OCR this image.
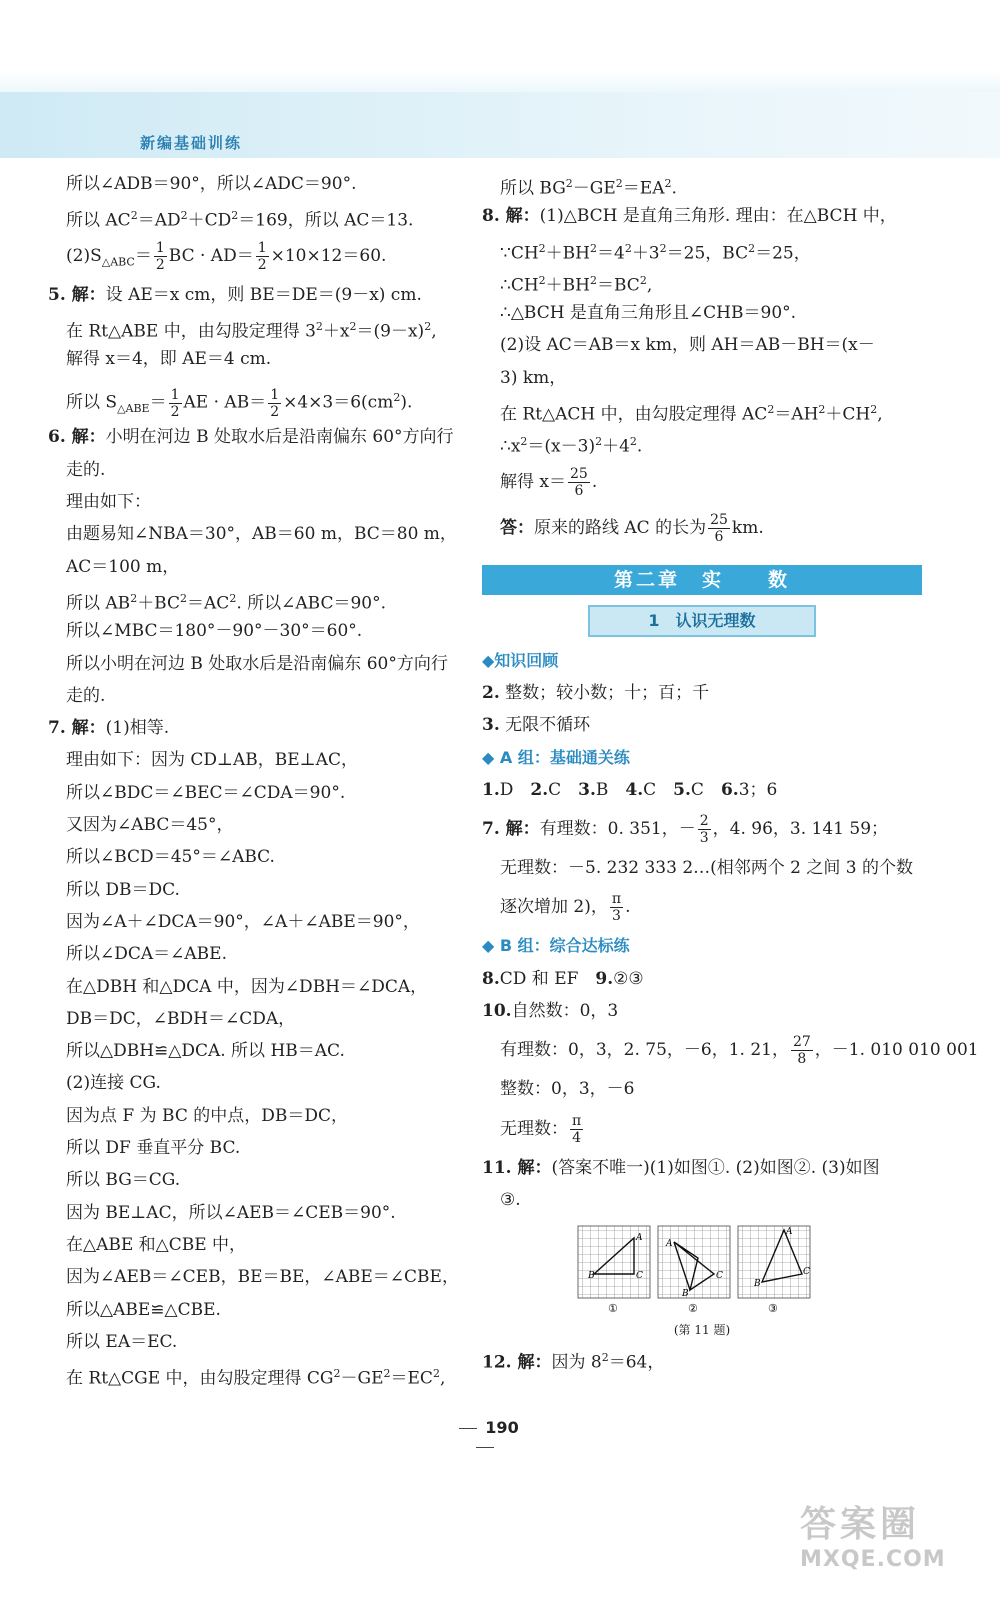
新编基础训练
所以∠ADB＝90°，所以∠ADC＝90°.
所以 $AC^2=AD^2+CD^2=169$，所以 AC＝13.
$(2)S_{\triangle ABC}= \frac{1}{2}$ BC · $AD= \frac{1}{2} \times 10\times 12=60$.
5. 解：设 AE＝x cm，则 BE＝DE＝(9－x) cm.
在 Rt△ABE 中，由勾股定理得 $3^2+x^2=(9-x)^2$,
解得 x＝4，即 AE＝4 cm.
所以 $S_{\triangle ABE}= \frac{1}{2}$ AE · $AB= \frac{1}{2} \times 4\times 3=6(cm^2)$.
6. 解：小明在河边 B 处取水后是沿南偏东 60°方向行
走的.
理由如下：
由题易知∠NBA＝30°，AB＝60 m，BC＝80 m，
AC＝100 m，
所以 $AB^2+BC^2=AC^2$. 所以∠ABC＝90°.
所以∠MBC＝180°－90°－30°＝60°.
所以小明在河边 B 处取水后是沿南偏东 60°方向行
走的.
7. 解：(1)相等.
理由如下：因为 CD⊥AB，BE⊥AC，
所以∠BDC＝∠BEC＝∠CDA＝90°.
又因为∠ABC＝45°，
所以∠BCD＝45°＝∠ABC.
所以 DB＝DC.
因为∠A＋∠DCA＝90°，∠A＋∠ABE＝90°，
所以∠DCA＝∠ABE.
在△DBH 和△DCA 中，因为∠DBH＝∠DCA，
DB＝DC，∠BDH＝∠CDA，
所以△DBH≌△DCA. 所以 HB＝AC.
(2)连接 CG.
因为点 F 为 BC 的中点，DB＝DC，
所以 DF 垂直平分 BC.
所以 BG＝CG.
因为 BE⊥AC，所以∠AEB＝∠CEB＝90°.
在△ABE 和△CBE 中，
因为∠AEB＝∠CEB，BE＝BE，∠ABE＝∠CBE，
所以△ABE≌△CBE.
所以 EA＝EC.
在 Rt△CGE 中，由勾股定理得 $CG^2-GE^2=EC^2$,
所以 $BG^2-GE^2=EA^2$.
8. 解：(1)△BCH 是直角三角形. 理由：在△BCH 中，
$\because CH^2+BH^2=4^2+3^2=25$，$BC^2=25$，
$\therefore CH^2+BH^2=BC^2$,
∴△BCH 是直角三角形且∠CHB＝90°.
(2)设 AC＝AB＝x km，则 AH＝AB－BH＝(x－
3) km，
在 Rt△ACH 中，由勾股定理得 $AC^2=AH^2+CH^2$,
$\therefore x^2=(x-3)^2+4^2$.
解得 $x= \frac{25}{6}$ .
答：原来的路线 AC 的长为 $\frac{25}{6}$ km.
第二章　实　　数
1　认识无理数
◆知识回顾
2. 整数；较小数；十；百；千
3. 无限不循环
◆ A 组：基础通关练
1.D　 2.C　 3.B　 4.C　 5.C　 6.3；6
7. 解：有理数：0. 351，－ $\frac{2}{3}$ ，4. 9̇6̇，3. 141 59；
无理数：－5. 232 333 2…(相邻两个 2 之间 3 的个数
逐次增加 2)， $\frac{\pi}{3}$ .
◆ B 组：综合达标练
8.CD 和 EF　 9.②③
10.自然数：0，3
有理数：0，3，2. 75，－6，1. 21， $\frac{27}{8}$ ，－1. 010 010 001
整数：0，3，－6
无理数： $\frac{\pi}{4}$
11. 解：(答案不唯一)(1)如图①. (2)如图②. (3)如图
③.
B
A
C
①
A
B
C
②
A
B
C
③
(第 11 题)
12. 解：因为 $8^2=64$，
190
答案圈
MXQE.COM
